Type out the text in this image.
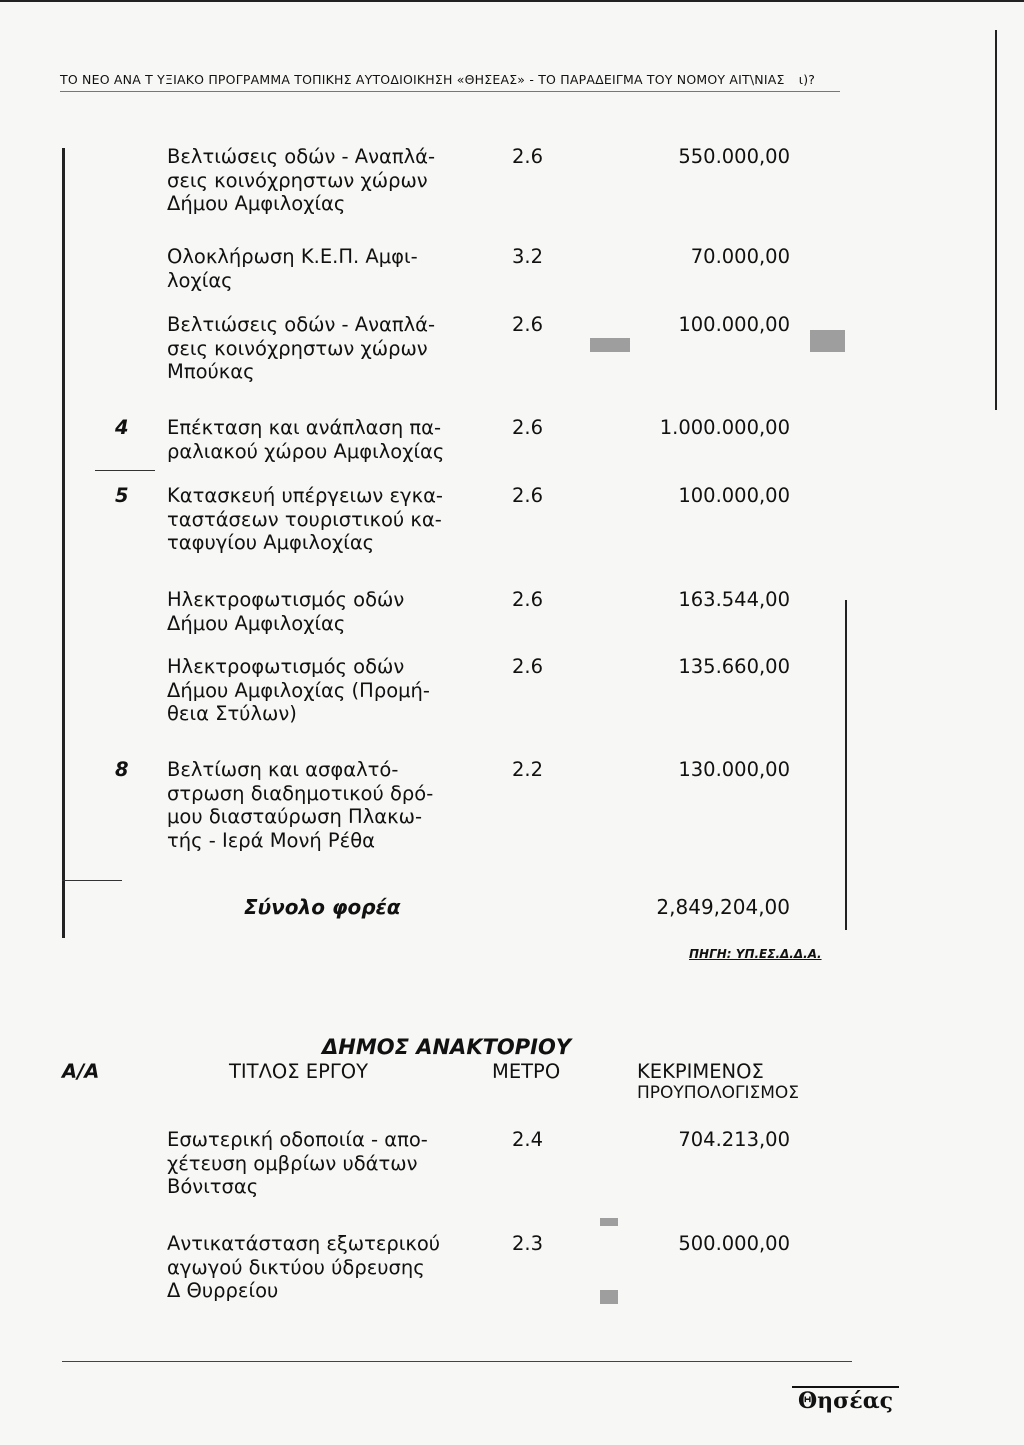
ΤΟ ΝΕΟ ΑΝΑ Τ ΥΞΙΑΚΟ ΠΡΟΓΡΑΜΜΑ ΤΟΠΙΚΗΣ ΑΥΤΟΔΙΟΙΚΗΣΗ «ΘΗΣΕΑΣ» - ΤΟ ΠΑΡΑΔΕΙΓΜΑ ΤΟΥ ΝΟΜΟΥ ΑΙΤ\ΝΙΑΣ ι)?
Βελτιώσεις οδών - Αναπλά-
σεις κοινόχρηστων χώρων
Δήμου Αμφιλοχίας
2.6	550.000,00
Ολοκλήρωση Κ.Ε.Π. Αμφι-
λοχίας
3.2	70.000,00
Βελτιώσεις οδών - Αναπλά-
σεις κοινόχρηστων χώρων
Μπούκας
2.6	100.000,00
4 Επέκταση και ανάπλαση πα-
ραλιακού χώρου Αμφιλοχίας
2.6	1.000.000,00
5 Κατασκευή υπέργειων εγκα-
ταστάσεων τουριστικού κα-
ταφυγίου Αμφιλοχίας
2.6	100.000,00
Ηλεκτροφωτισμός οδών
Δήμου Αμφιλοχίας
2.6	163.544,00
Ηλεκτροφωτισμός οδών
Δήμου Αμφιλοχίας (Προμή-
θεια Στύλων)
2.6	135.660,00
8 Βελτίωση και ασφαλτό-
στρωση διαδημοτικού δρό-
μου διασταύρωση Πλακω-
τής - Ιερά Μονή Ρέθα
2.2	130.000,00
Σύνολο φορέα	2,849,204,00
ΠΗΓΗ: ΥΠ.ΕΣ.Δ.Δ.Α.
ΔΗΜΟΣ ΑΝΑΚΤΟΡΙΟΥ
Α/Α	ΤΙΤΛΟΣ ΕΡΓΟΥ	ΜΕΤΡΟ	ΚΕΚΡΙΜΕΝΟΣ
ΠΡΟΥΠΟΛΟΓΙΣΜΟΣ
Εσωτερική οδοποιία - απο-
χέτευση ομβρίων υδάτων
Βόνιτσας
2.4	704.213,00
Αντικατάσταση εξωτερικού
αγωγού δικτύου ύδρευσης
Δ Θυρρείου
2.3	500.000,00
Θησέας
